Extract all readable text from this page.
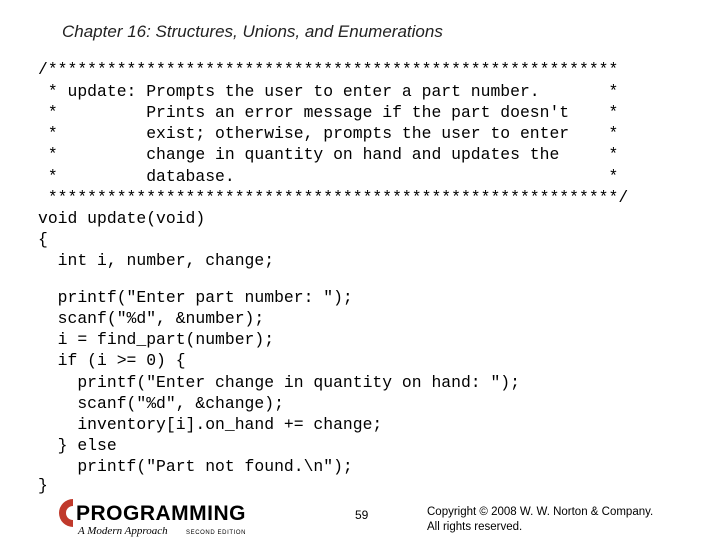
Chapter 16: Structures, Unions, and Enumerations
/**********************************************************
* update: Prompts the user to enter a part number.       *
*         Prints an error message if the part doesn't    *
*         exist; otherwise, prompts the user to enter    *
*         change in quantity on hand and updates the     *
*         database.                                      *
**********************************************************/
void update(void)
{
int i, number, change;
printf("Enter part number: ");
scanf("%d", &number);
i = find_part(number);
if (i >= 0) {
printf("Enter change in quantity on hand: ");
scanf("%d", &change);
inventory[i].on_hand += change;
} else
printf("Part not found.\n");
}
PROGRAMMING
A Modern Approach	SECOND EDITION
59	Copyright © 2008 W. W. Norton & Company.
All rights reserved.
